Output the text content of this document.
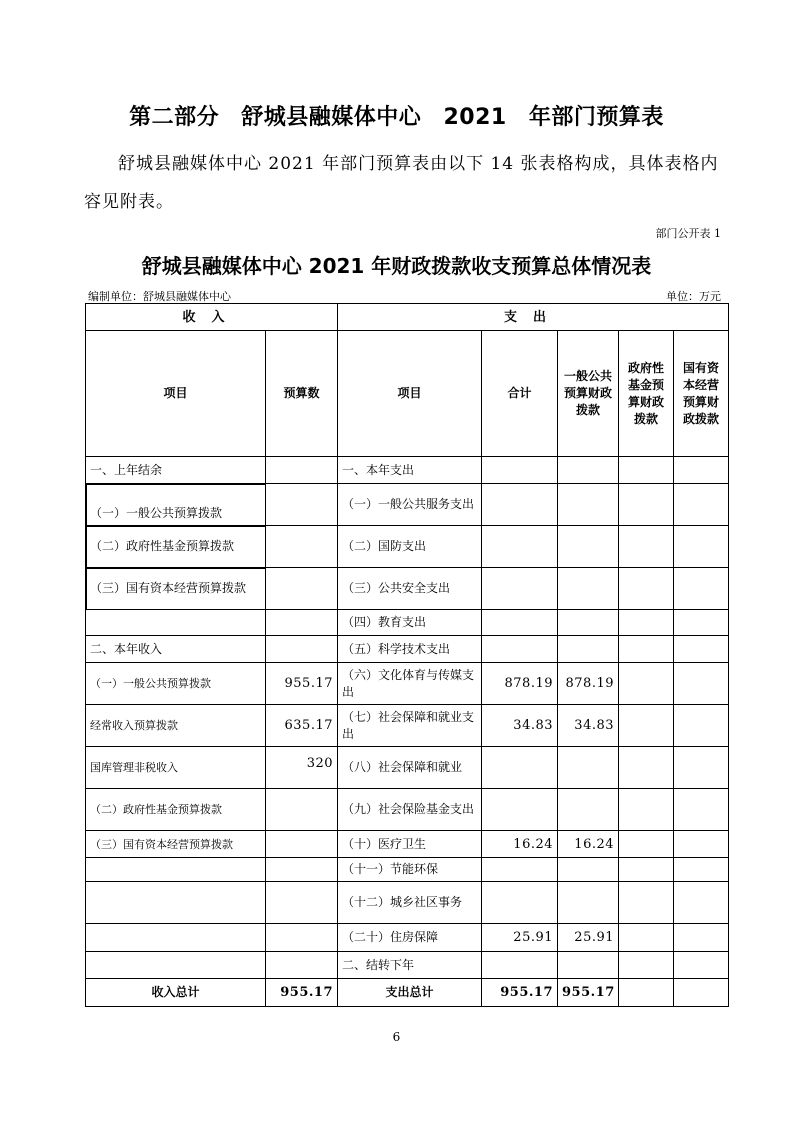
第二部分 舒城县融媒体中心 2021 年部门预算表
舒城县融媒体中心 2021 年部门预算表由以下 14 张表格构成，具体表格内容见附表。
部门公开表 1
舒城县融媒体中心 2021 年财政拨款收支预算总体情况表
编制单位：舒城县融媒体中心	单位：万元
收入		支出				
项目	预算数	项目	合计	一般公共预算财政拨款	政府性基金预算财政拨款	国有资本经营预算财政拨款
一、上年结余		一、本年支出				
（一）一般公共预算拨款		（一）一般公共服务支出				
（二）政府性基金预算拨款		（二）国防支出				
（三）国有资本经营预算拨款		（三）公共安全支出				
		（四）教育支出				
二、本年收入		（五）科学技术支出				
（一）一般公共预算拨款	955.17	（六）文化体育与传媒支出	878.19	878.19		
经常收入预算拨款	635.17	（七）社会保障和就业支出	34.83	34.83		
国库管理非税收入	320	（八）社会保障和就业				
（二）政府性基金预算拨款		（九）社会保险基金支出				
（三）国有资本经营预算拨款		（十）医疗卫生	16.24	16.24		
		（十一）节能环保				
		（十二）城乡社区事务				
		（二十）住房保障	25.91	25.91		
		二、结转下年				
收入总计	955.17	支出总计	955.17	955.17		
6
